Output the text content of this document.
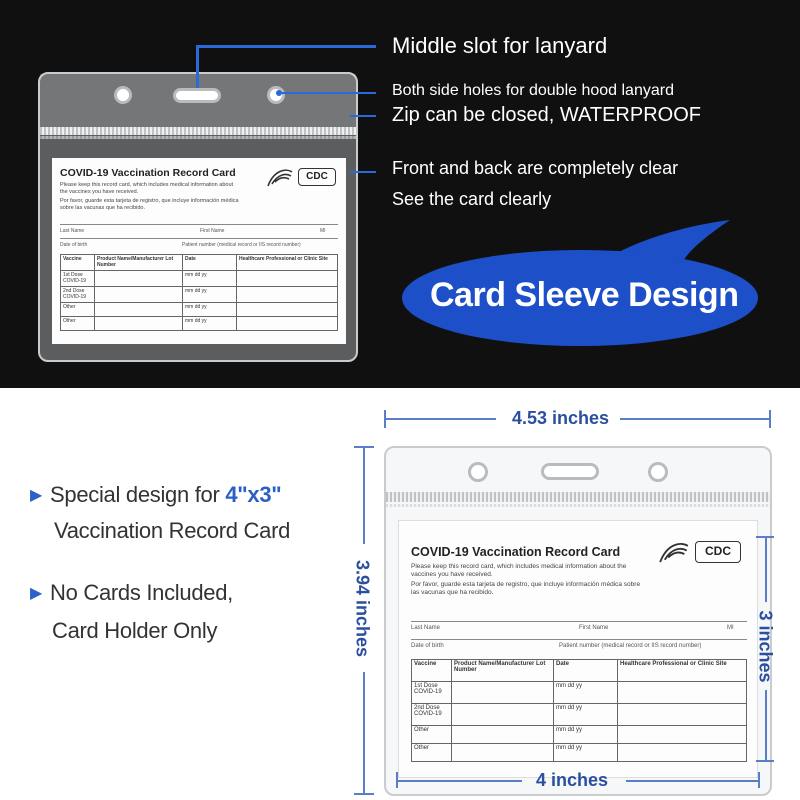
COVID-19 Vaccination Record Card
Please keep this record card, which includes medical information about the vaccines you have received.
Por favor, guarde esta tarjeta de registro, que incluye información médica sobre las vacunas que ha recibido.
CDC
Last Name	First Name	MI
Date of birth	Patient number (medical record or IIS record number)
Vaccine	Product Name/Manufacturer Lot Number	Date	Healthcare Professional or Clinic Site
1st Dose COVID-19		mm dd yy	
2nd Dose COVID-19		mm dd yy	
Other		mm dd yy	
Other		mm dd yy	
Middle slot for lanyard
Both side holes for double hood lanyard
Zip can be closed, WATERPROOF
Front and back are completely clear
See the card clearly
Card Sleeve Design
▶ Special design for 4"x3"
Vaccination Record Card
▶ No Cards Included,
Card Holder Only
4.53 inches
3.94 inches
COVID-19 Vaccination Record Card
Please keep this record card, which includes medical information about the vaccines you have received.
Por favor, guarde esta tarjeta de registro, que incluye información médica sobre las vacunas que ha recibido.
CDC
Last Name	First Name	MI
Date of birth	Patient number (medical record or IIS record number)
Vaccine	Product Name/Manufacturer Lot Number	Date	Healthcare Professional or Clinic Site
1st Dose COVID-19		mm dd yy	
2nd Dose COVID-19		mm dd yy	
Other		mm dd yy	
Other		mm dd yy	
3 inches
4 inches
